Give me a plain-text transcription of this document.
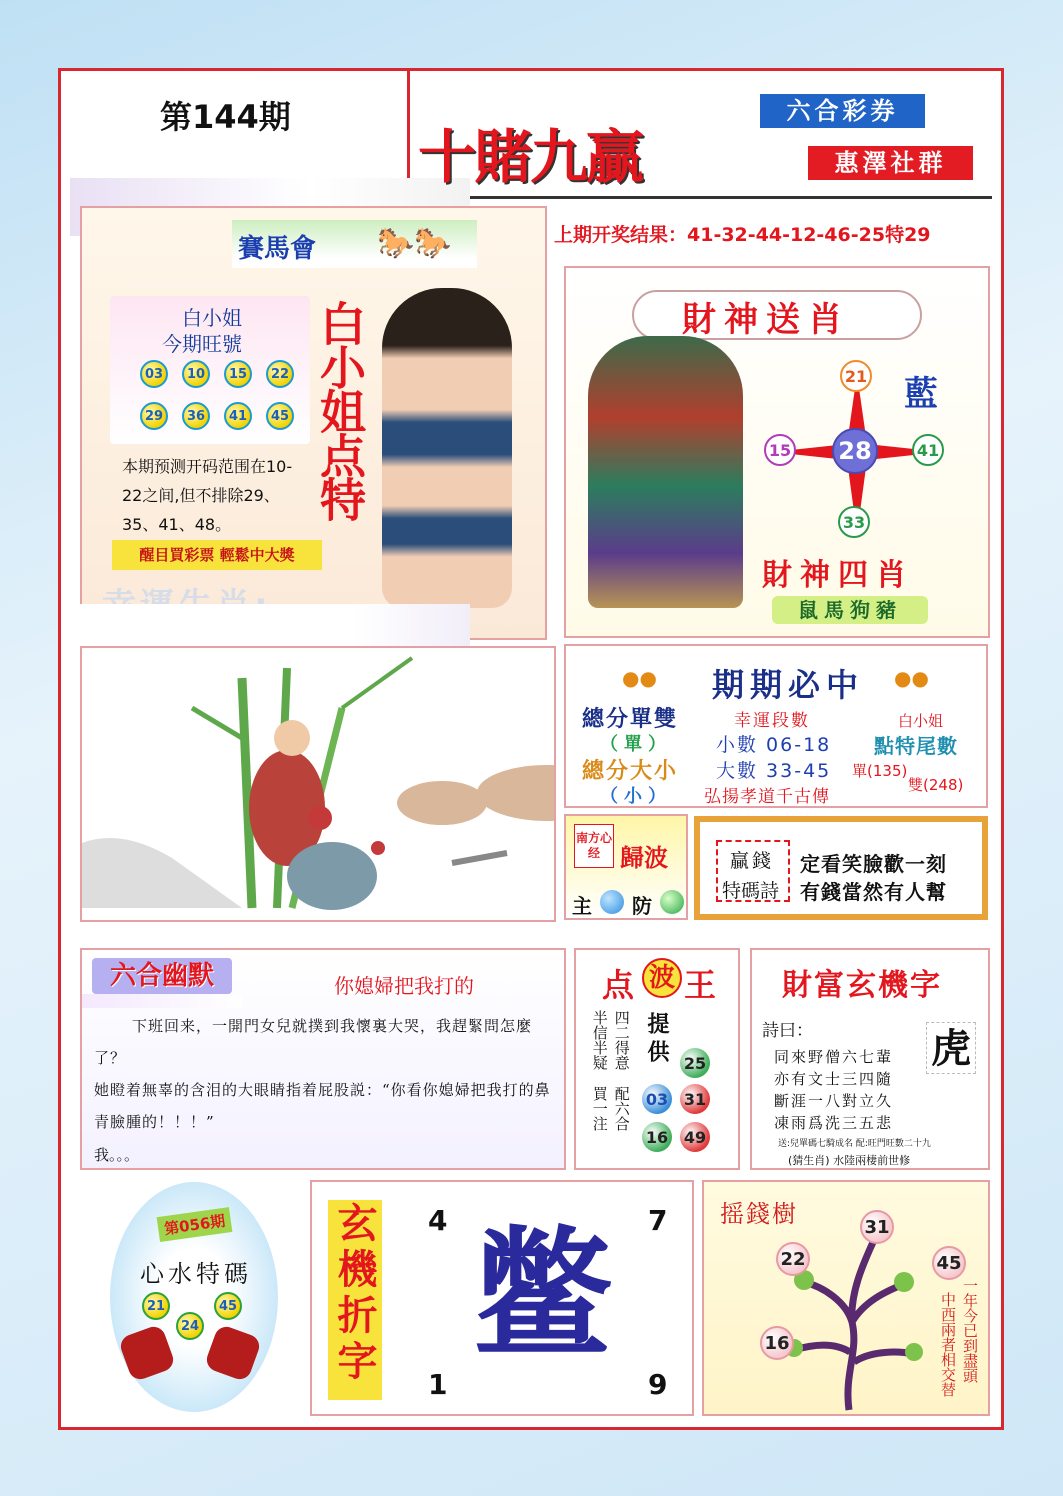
第144期
十賭九贏
六合彩券
惠澤社群
上期开奖结果：41-32-44-12-46-25特29
賽馬會 🐎🐎
白小姐
今期旺號 白小姐点特
本期预测开码范围在10-22之间,但不排除29、35、41、48。
醒目買彩票 輕鬆中大獎
03	10	15	22
29	36	41	45
財神送肖
21
15 28	41
33
藍
財神四肖
鼠馬狗豬
●● 期期必中 ●●
總分單雙
（單）
總分大小
（小）
幸運段數
小數 06-18
大數 33-45
弘揚孝道千古傳
白小姐
點特尾數
單(135)
雙(248)
南方心经 歸波
主 防
贏錢
特碼詩
定看笑臉歡一刻
有錢當然有人幫
六合幽默	你媳婦把我打的
下班回来，一開門女兒就撲到我懷裏大哭，我趕緊問怎麼了？
她瞪着無辜的含泪的大眼睛指着屁股説：“你看你媳婦把我打的鼻青臉腫的！！！”
我。。。
点 波 王
半信半疑
買一注
四二得意
配六合
提供 25
03 31
16 49
財富玄機字
詩曰：	虎
送:兒單碼七騎成名 配:旺門旺數二十九
(猜生肖) 水陸兩棲前世修
同來野僧六七輩
亦有文士三四隨
斷涯一八對立久
凍雨爲洗三五悲
第056期
心水特碼
21
24
45 玄機折字 4	7
1	9
鳖	摇錢樹
一年今已到盡頭
中西兩者相交替
31
22	45
16
